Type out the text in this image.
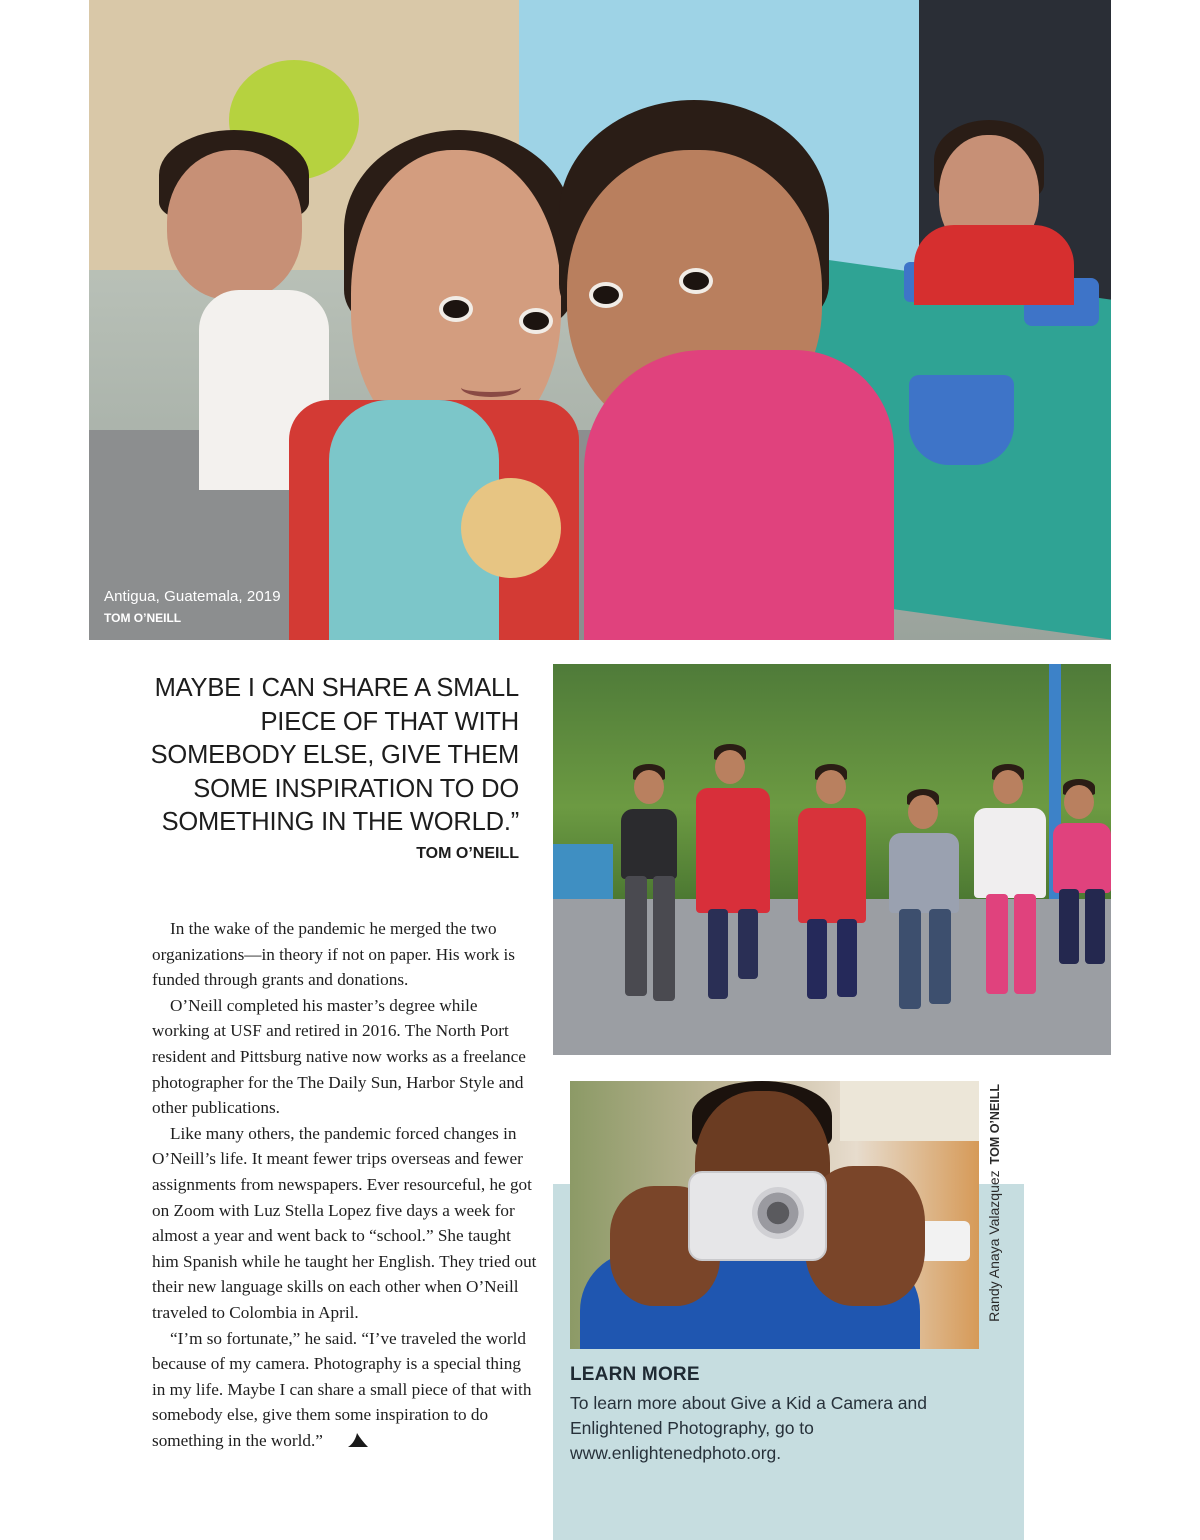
Antigua, Guatemala, 2019
TOM O’NEILL
MAYBE I CAN SHARE A SMALL PIECE OF THAT WITH SOMEBODY ELSE, GIVE THEM SOME INSPIRATION TO DO SOMETHING IN THE WORLD.”
TOM O’NEILL

In the wake of the pandemic he merged the two organizations—in theory if not on paper. His work is funded through grants and donations.

O’Neill completed his master’s degree while working at USF and retired in 2016. The North Port resident and Pittsburg native now works as a freelance photographer for the The Daily Sun, Harbor Style and other publications.

Like many others, the pandemic forced changes in O’Neill’s life. It meant fewer trips overseas and fewer assignments from newspapers. Ever resourceful, he got on Zoom with Luz Stella Lopez five days a week for almost a year and went back to “school.” She taught him Spanish while he taught her English. They tried out their new language skills on each other when O’Neill traveled to Colombia in April.

“I’m so fortunate,” he said. “I’ve traveled the world because of my camera. Photography is a special thing in my life. Maybe I can share a small piece of that with somebody else, give them some inspiration to do something in the world.”

Randy Anaya ValazquezTOM O’NEILL
LEARN MORE
To learn more about Give a Kid a Camera and Enlightened Photography, go to www.enlightenedphoto.org.
